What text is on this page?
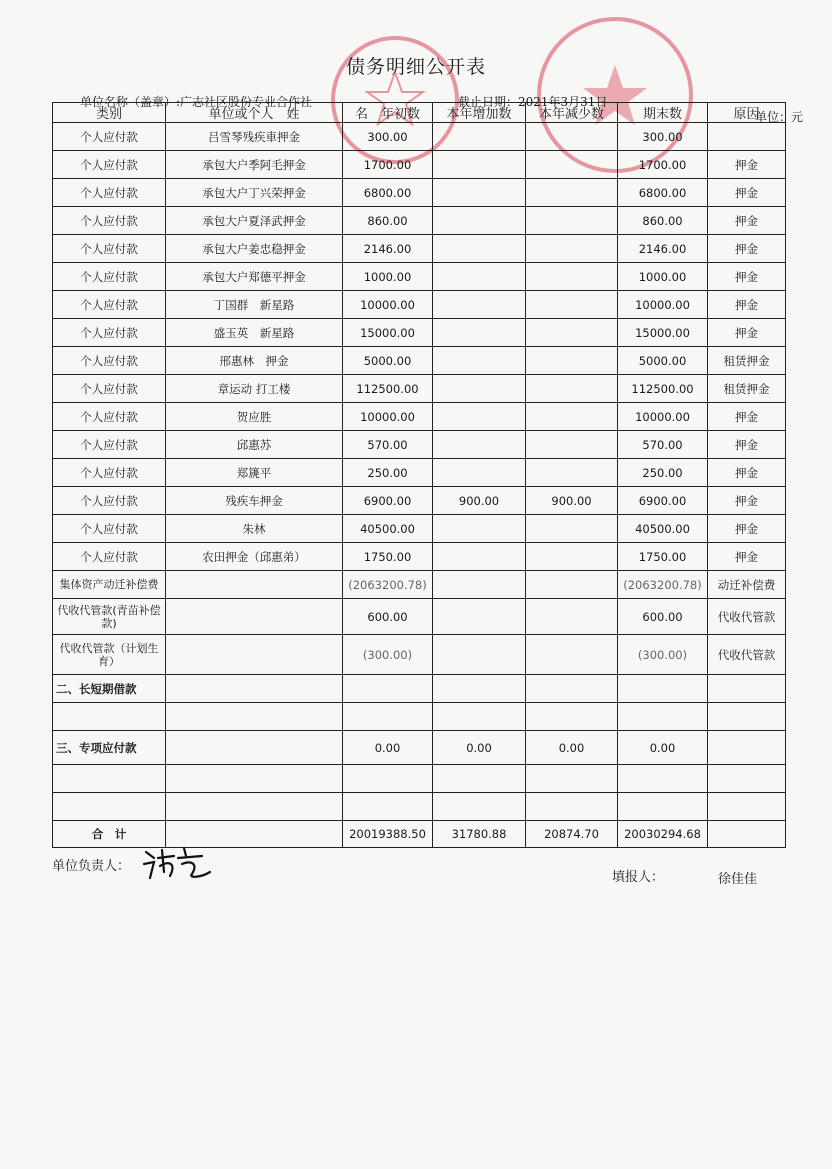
债务明细公开表
单位名称（盖章）:广志社区股份专业合作社	截止日期：2021年3月31日
单位：元
类别	单位或个人　姓	名　 年初数	本年增加数	本年减少数	期末数	原因
个人应付款	吕雪琴残疾車押金	300.00			300.00	
个人应付款	承包大户季阿毛押金	1700.00			1700.00	押金
个人应付款	承包大户丁兴荣押金	6800.00			6800.00	押金
个人应付款	承包大户夏泽武押金	860.00			860.00	押金
个人应付款	承包大户姜忠稳押金	2146.00			2146.00	押金
个人应付款	承包大户郑德平押金	1000.00			1000.00	押金
个人应付款	丁国群　新星路	10000.00			10000.00	押金
个人应付款	盛玉英　新星路	15000.00			15000.00	押金
个人应付款	邢惠林　押金	5000.00			5000.00	租赁押金
个人应付款	章运动 打工楼	112500.00			112500.00	租赁押金
个人应付款	贺应胜	10000.00			10000.00	押金
个人应付款	邱惠苏	570.00			570.00	押金
个人应付款	郑篪平	250.00			250.00	押金
个人应付款	残疾车押金	6900.00	900.00	900.00	6900.00	押金
个人应付款	朱林	40500.00			40500.00	押金
个人应付款	农田押金（邱惠弟）	1750.00			1750.00	押金
集体资产动迁补偿费		(2063200.78)			(2063200.78)	动迁补偿费
代收代管款(青苗补偿款)		600.00			600.00	代收代管款
代收代管款（计划生育）		(300.00)			(300.00)	代收代管款
二、长短期借款						

三、专项应付款		0.00	0.00	0.00	0.00	

合　计		20019388.50	31780.88	20874.70	20030294.68	
单位负责人：
填报人：	徐佳佳
